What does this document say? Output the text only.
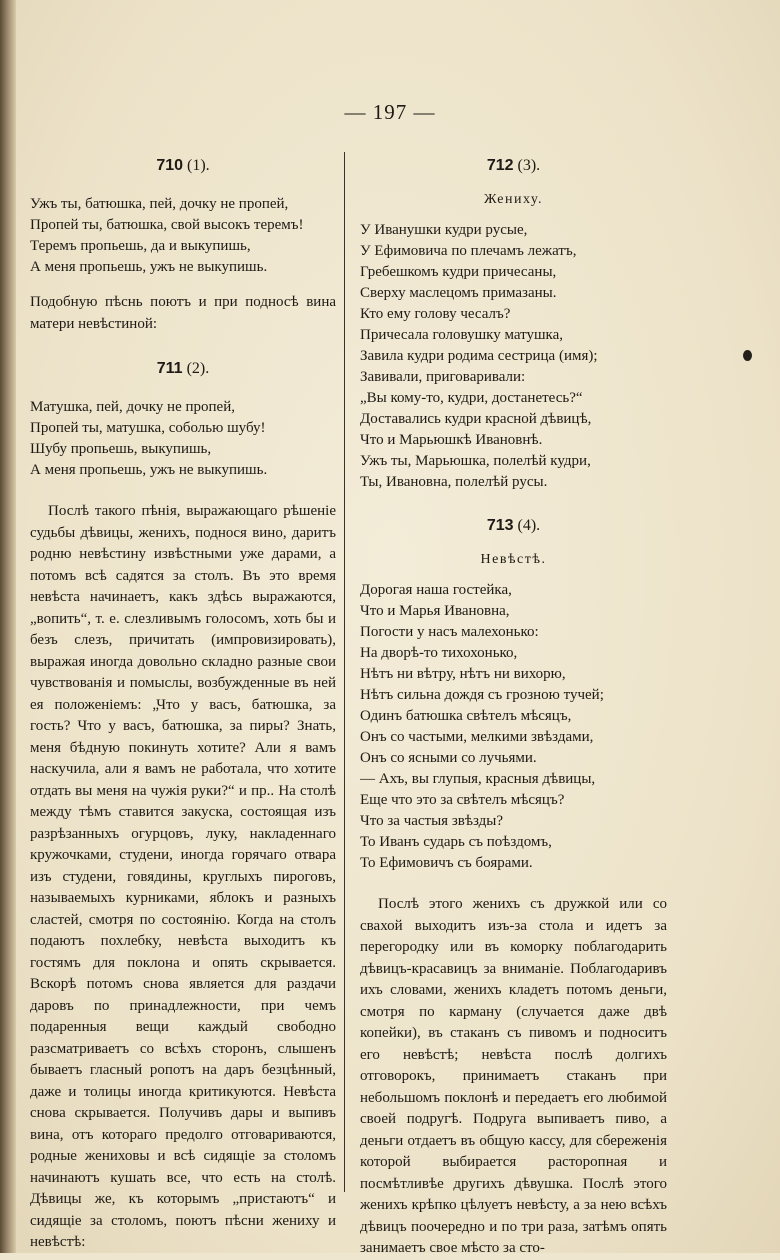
— 197 —

710 (1).

Ужъ ты, батюшка, пей, дочку не пропей,
Пропей ты, батюшка, свой высокъ теремъ!
Теремъ пропьешь, да и выкупишь,
А меня пропьешь, ужъ не выкупишь.

Подобную пѣснь поютъ и при подносѣ вина матери невѣстиной:

711 (2).

Матушка, пей, дочку не пропей,
Пропей ты, матушка, соболью шубу!
Шубу пропьешь, выкупишь,
А меня пропьешь, ужъ не выкупишь.

Послѣ такого пѣнія, выражающаго рѣшеніе судьбы дѣвицы, женихъ, подноcя вино, даритъ родню невѣстину извѣстными уже дарами, а потомъ всѣ садятся за столъ. Въ это время невѣста начинаетъ, какъ здѣсь выражаются, „вопить“, т. е. слезливымъ голосомъ, хоть бы и безъ слезъ, причитать (импровизировать), выражая иногда довольно складно разные свои чувствованія и помыслы, возбужденные въ ней ея положеніемъ: „Что у васъ, батюшка, за гость? Что у васъ, батюшка, за пиры? Знать, меня бѣдную покинуть хотите? Али я вамъ наскучила, али я вамъ не работала, что хотите отдать вы меня на чужія руки?“ и пр.. На столѣ между тѣмъ ставится закуска, состоящая изъ разрѣзанныхъ огурцовъ, луку, накладеннаго кружочками, студени, иногда горячаго отвара изъ студени, говядины, круглыхъ пироговъ, называемыхъ курниками, яблокъ и разныхъ сластей, смотря по состоянію. Когда на столъ подаютъ похлебку, невѣста выходитъ къ гостямъ для поклона и опять скрывается. Вскорѣ потомъ снова является для раздачи даровъ по принадлежности, при чемъ подаренныя вещи каждый свободно разсматриваетъ со всѣхъ сторонъ, слышенъ бываетъ гласный ропотъ на даръ безцѣнный, даже и толицы иногда критикуются. Невѣста снова скрывается. Получивъ дары и выпивъ вина, отъ котораго предолго отговариваются, родные жениховы и всѣ сидящіе за столомъ начинаютъ кушать все, что есть на столѣ. Дѣвицы же, къ которымъ „пристаютъ“ и сидящіе за столомъ, поютъ пѣсни жениху и невѣстѣ:

712 (3).

Жениху.

У Иванушки кудри русые,
У Ефимовича по плечамъ лежатъ,
Гребешкомъ кудри причесаны,
Сверху маслецомъ примазаны.
Кто ему голову чесалъ?
Причесала головушку матушка,
Завила кудри родима сестрица (имя);
Завивали, приговаривали:
„Вы кому-то, кудри, достанетесь?“
Доставались кудри красной дѣвицѣ,
Что и Марьюшкѣ Ивановнѣ.
Ужъ ты, Марьюшка, полелѣй кудри,
Ты, Ивановна, полелѣй русы.

713 (4).

Невѣстѣ.

Дорогая наша гостейка,
Что и Марья Ивановна,
Погости у насъ малехонько:
На дворѣ-то тихохонько,
Нѣтъ ни вѣтру, нѣтъ ни вихорю,
Нѣтъ сильна дождя съ грозною тучей;
Одинъ батюшка свѣтелъ мѣсяцъ,
Онъ со частыми, мелкими звѣздами,
Онъ со ясными со лучьями.
— Ахъ, вы глупыя, красныя дѣвицы,
Еще что это за свѣтелъ мѣсяцъ?
Что за частыя звѣзды?
То Иванъ сударь съ поѣздомъ,
То Ефимовичъ съ боярами.

Послѣ этого женихъ съ дружкой или со свахой выходитъ изъ-за стола и идетъ за перегородку или въ коморку поблагодарить дѣвицъ-красавицъ за вниманіе. Поблагодаривъ ихъ словами, женихъ кладетъ потомъ деньги, смотря по карману (случается даже двѣ копейки), въ стаканъ съ пивомъ и подноситъ его невѣстѣ; невѣста послѣ долгихъ отговорокъ, принимаетъ стаканъ при небольшомъ поклонѣ и передаетъ его любимой своей подругѣ. Подруга выпиваетъ пиво, а деньги отдаетъ въ общую кассу, для сбереженія которой выбирается расторопная и посмѣтливѣе другихъ дѣвушка. Послѣ этого женихъ крѣпко цѣлуетъ невѣсту, а за нею всѣхъ дѣвицъ поочередно и по три раза, затѣмъ опять занимаетъ свое мѣсто за сто-
